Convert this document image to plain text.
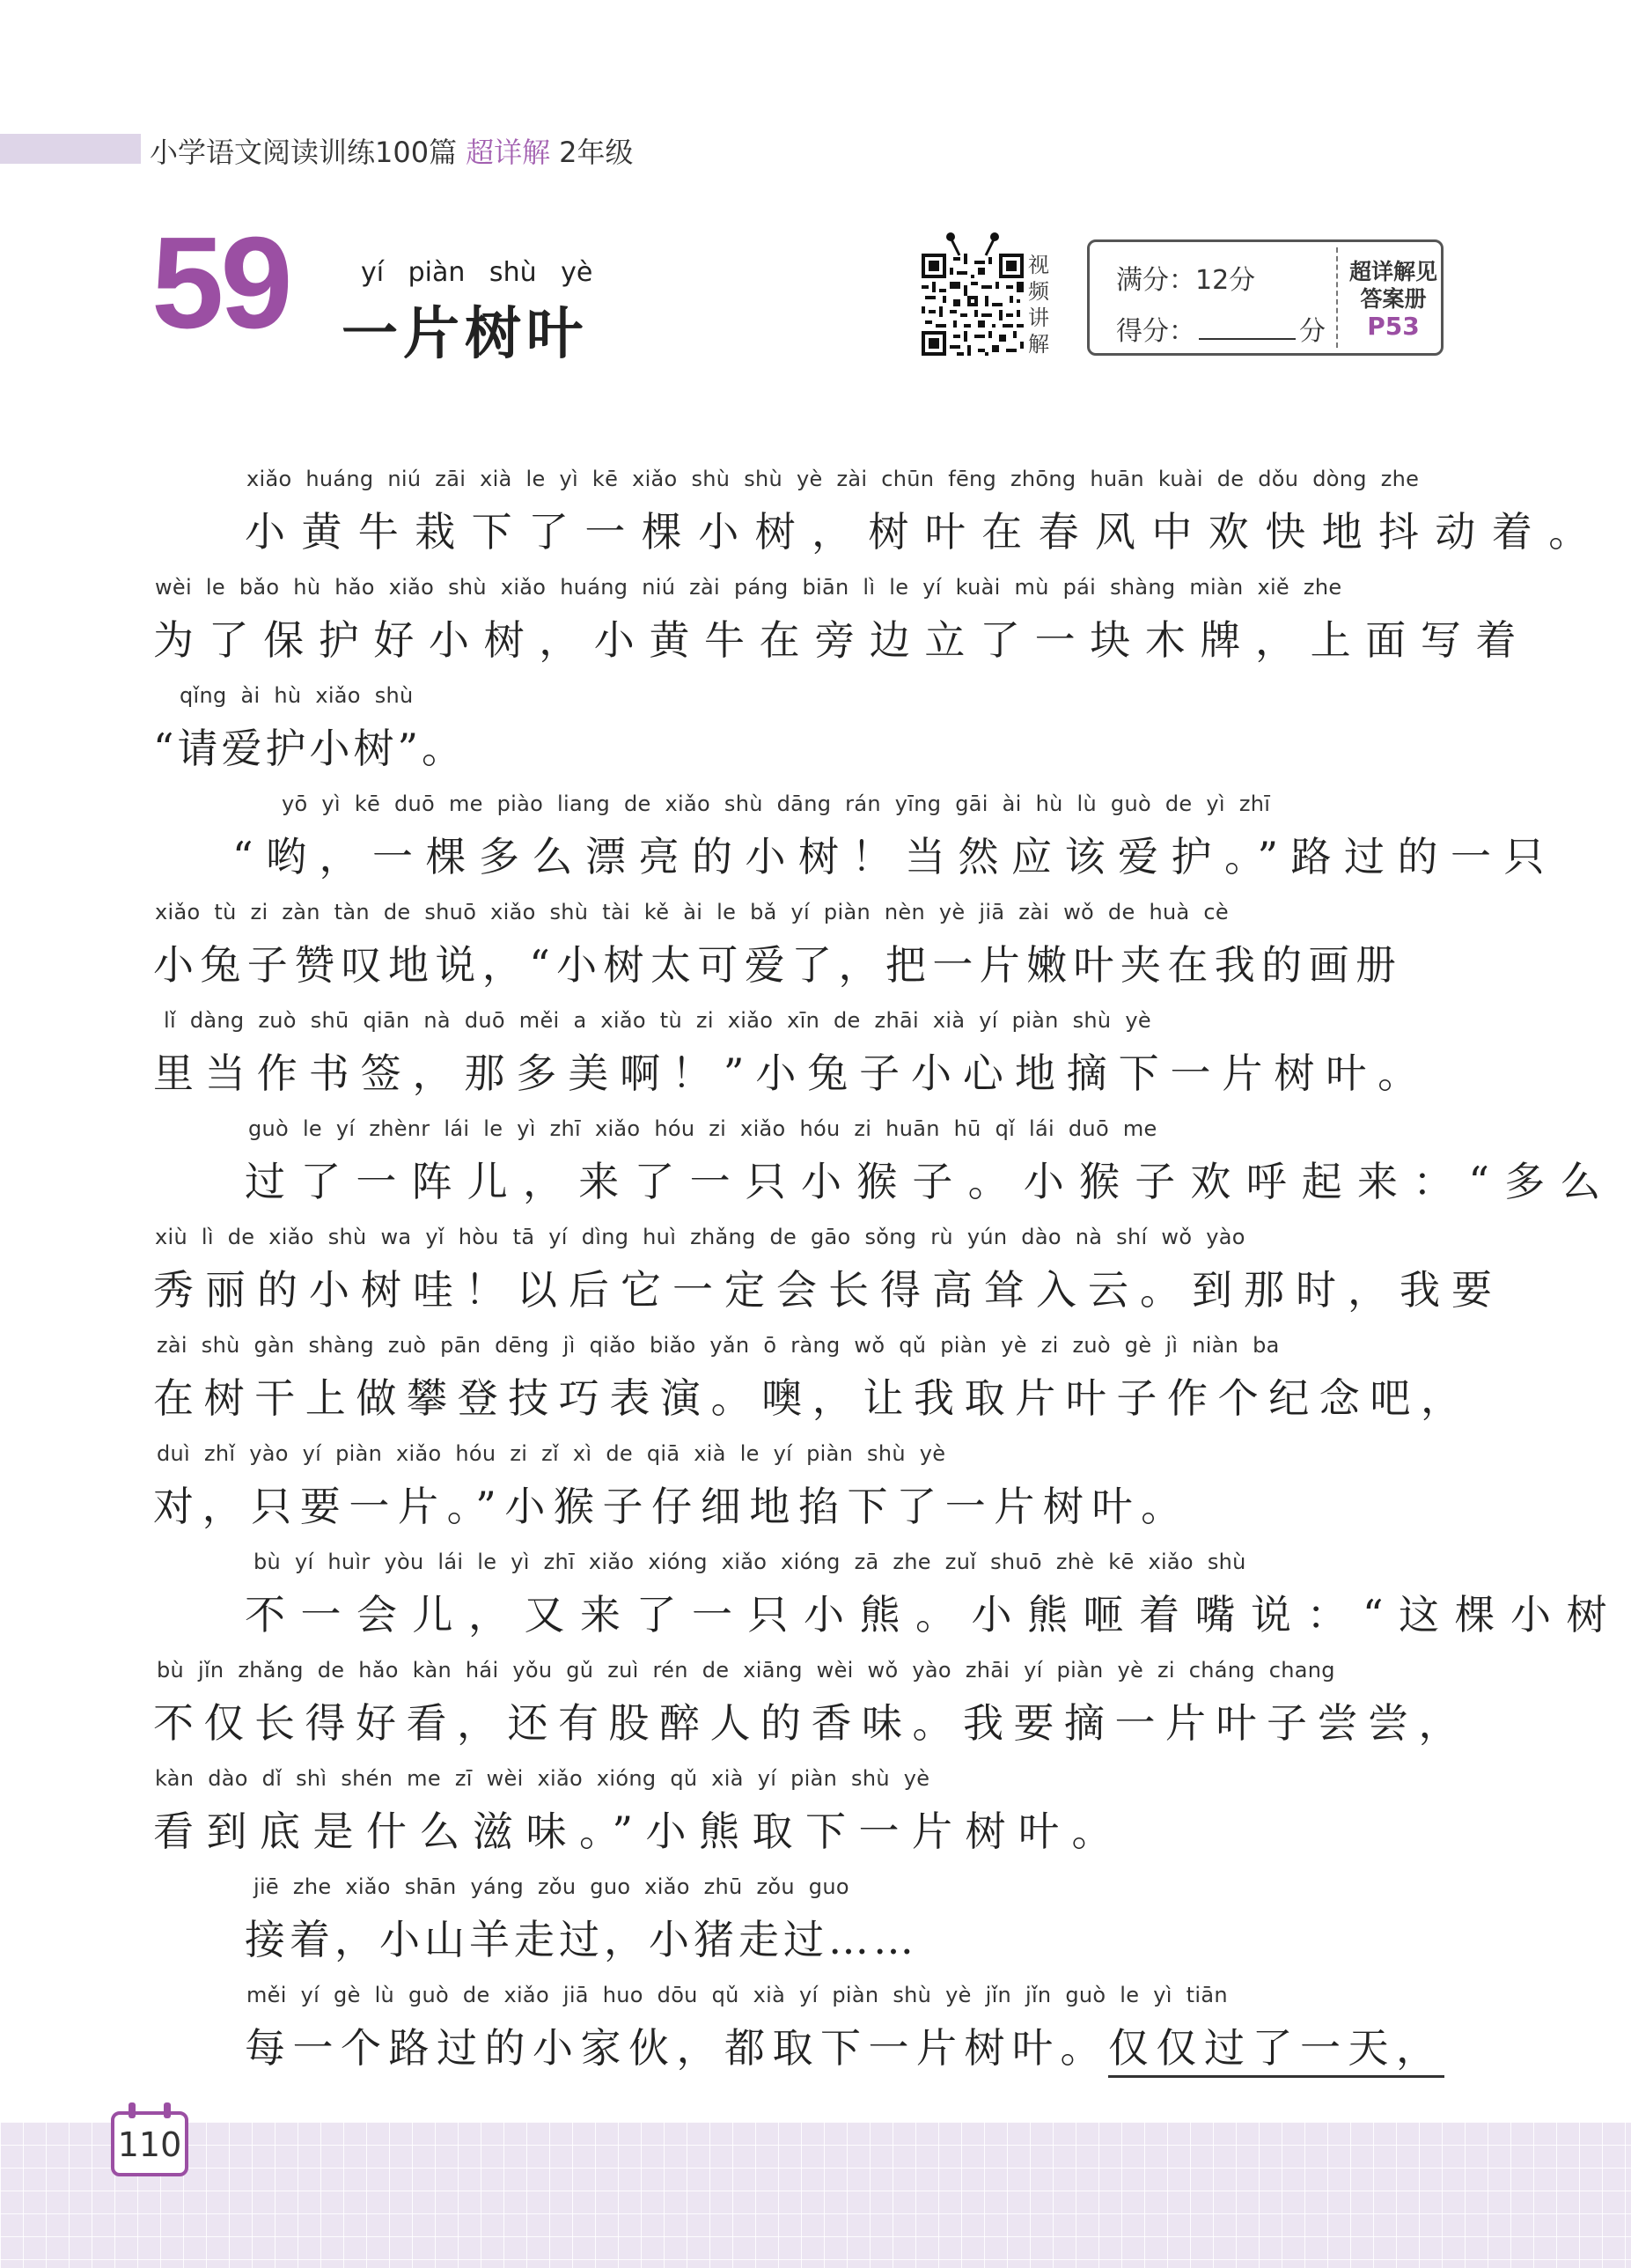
小学语文阅读训练100篇 超详解 2年级
59	yí piàn shù yè
一片树叶
视
频
讲
解
满分：12分
得分：	分
超详解见
答案册
P53
xiǎo huáng niú zāi xià le yì kē xiǎo shù shù yè zài chūn fēng zhōng huān kuài de dǒu dòng zhe
小黄牛栽下了一棵小树，树叶在春风中欢快地抖动着。
wèi le bǎo hù hǎo xiǎo shù xiǎo huáng niú zài páng biān lì le yí kuài mù pái shàng miàn xiě zhe
为了保护好小树，小黄牛在旁边立了一块木牌，上面写着
qǐng ài hù xiǎo shù
“请爱护小树”。
yō yì kē duō me piào liang de xiǎo shù dāng rán yīng gāi ài hù lù guò de yì zhī
“哟，一棵多么漂亮的小树！当然应该爱护。”路过的一只
xiǎo tù zi zàn tàn de shuō xiǎo shù tài kě ài le bǎ yí piàn nèn yè jiā zài wǒ de huà cè
小兔子赞叹地说，“小树太可爱了，把一片嫩叶夹在我的画册
lǐ dàng zuò shū qiān nà duō měi a xiǎo tù zi xiǎo xīn de zhāi xià yí piàn shù yè
里当作书签，那多美啊！”小兔子小心地摘下一片树叶。
guò le yí zhènr lái le yì zhī xiǎo hóu zi xiǎo hóu zi huān hū qǐ lái duō me
过了一阵儿，来了一只小猴子。小猴子欢呼起来：“多么
xiù lì de xiǎo shù wa yǐ hòu tā yí dìng huì zhǎng de gāo sǒng rù yún dào nà shí wǒ yào
秀丽的小树哇！以后它一定会长得高耸入云。到那时，我要
zài shù gàn shàng zuò pān dēng jì qiǎo biǎo yǎn ō ràng wǒ qǔ piàn yè zi zuò gè jì niàn ba
在树干上做攀登技巧表演。噢，让我取片叶子作个纪念吧，
duì zhǐ yào yí piàn xiǎo hóu zi zǐ xì de qiā xià le yí piàn shù yè
对，只要一片。”小猴子仔细地掐下了一片树叶。
bù yí huìr yòu lái le yì zhī xiǎo xióng xiǎo xióng zā zhe zuǐ shuō zhè kē xiǎo shù
不一会儿，又来了一只小熊。小熊咂着嘴说：“这棵小树
bù jǐn zhǎng de hǎo kàn hái yǒu gǔ zuì rén de xiāng wèi wǒ yào zhāi yí piàn yè zi cháng chang
不仅长得好看，还有股醉人的香味。我要摘一片叶子尝尝，
kàn dào dǐ shì shén me zī wèi xiǎo xióng qǔ xià yí piàn shù yè
看到底是什么滋味。”小熊取下一片树叶。
jiē zhe xiǎo shān yáng zǒu guo xiǎo zhū zǒu guo
接着，小山羊走过，小猪走过……
měi yí gè lù guò de xiǎo jiā huo dōu qǔ xià yí piàn shù yè jǐn jǐn guò le yì tiān
每一个路过的小家伙，都取下一片树叶。仅仅过了一天，
110
